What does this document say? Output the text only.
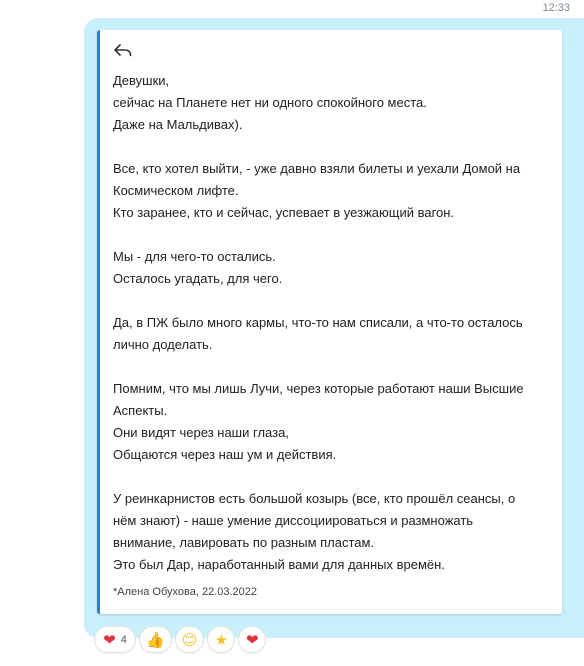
12:33

Девушки,
сейчас на Планете нет ни одного спокойного места.
Даже на Мальдивах).

Все, кто хотел выйти, - уже давно взяли билеты и уехали Домой на
Космическом лифте.
Кто заранее, кто и сейчас, успевает в уезжающий вагон.

Мы - для чего-то остались.
Осталось угадать, для чего.

Да, в ПЖ было много кармы, что-то нам списали, а что-то осталось
лично доделать.

Помним, что мы лишь Лучи, через которые работают наши Высшие
Аспекты.
Они видят через наши глаза,
Общаются через наш ум и действия.

У реинкарнистов есть большой козырь (все, кто прошёл сеансы, о
нём знают) - наше умение диссоциироваться и размножать
внимание, лавировать по разным пластам.
Это был Дар, наработанный вами для данных времён.

*Алена Обухова, 22.03.2022
❤ 4 👍 😊 ★ ❤
